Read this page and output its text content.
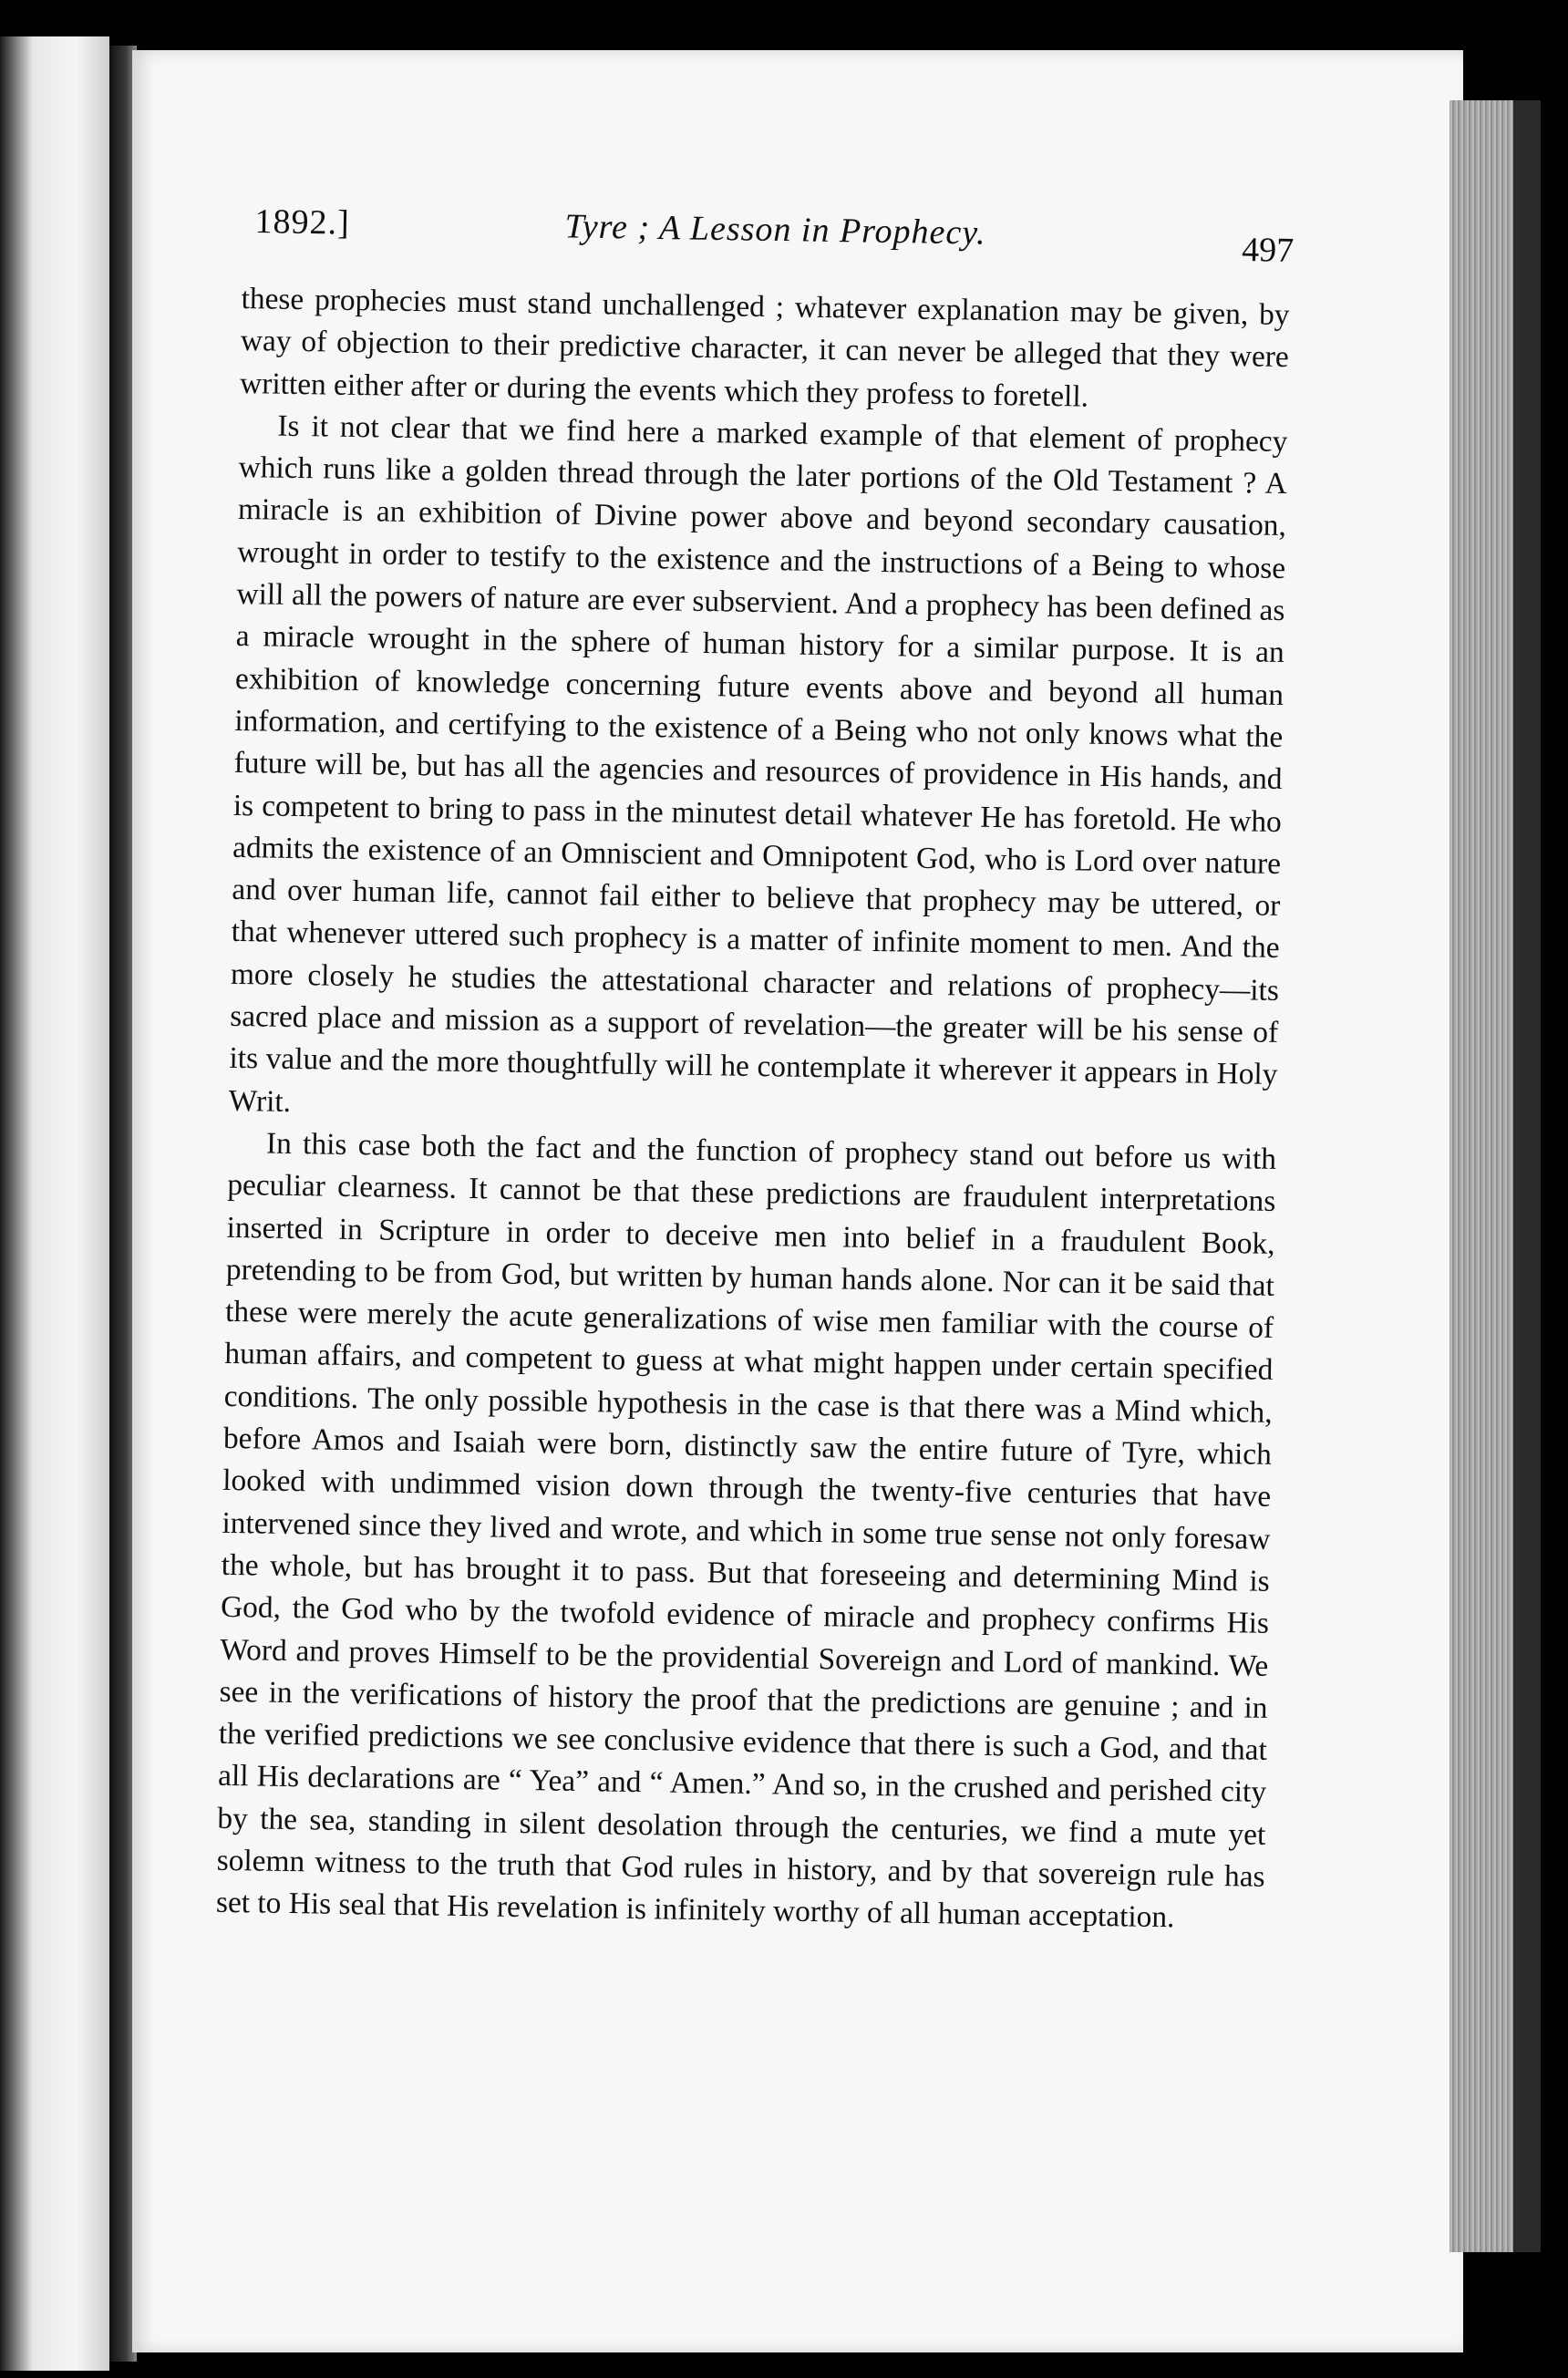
1892.]	Tyre ; A Lesson in Prophecy.	497

these prophecies must stand unchallenged ; whatever explanation may be given, by way of objection to their predictive character, it can never be alleged that they were written either after or during the events which they profess to foretell.

Is it not clear that we find here a marked example of that element of prophecy which runs like a golden thread through the later portions of the Old Testament ? A miracle is an exhibition of Divine power above and beyond secondary causation, wrought in order to testify to the existence and the instructions of a Being to whose will all the powers of nature are ever subservient. And a prophecy has been defined as a miracle wrought in the sphere of human history for a similar purpose. It is an exhibition of knowledge concerning future events above and beyond all human information, and certifying to the existence of a Being who not only knows what the future will be, but has all the agencies and resources of providence in His hands, and is competent to bring to pass in the minutest detail whatever He has foretold. He who admits the existence of an Omniscient and Omnipotent God, who is Lord over nature and over human life, cannot fail either to believe that prophecy may be uttered, or that whenever uttered such prophecy is a matter of infinite moment to men. And the more closely he studies the attestational character and relations of prophecy—its sacred place and mission as a support of revelation—the greater will be his sense of its value and the more thoughtfully will he contemplate it wherever it appears in Holy Writ.

In this case both the fact and the function of prophecy stand out before us with peculiar clearness. It cannot be that these predictions are fraudulent interpretations inserted in Scripture in order to deceive men into belief in a fraudulent Book, pretending to be from God, but written by human hands alone. Nor can it be said that these were merely the acute generalizations of wise men familiar with the course of human affairs, and competent to guess at what might happen under certain specified conditions. The only possible hypothesis in the case is that there was a Mind which, before Amos and Isaiah were born, distinctly saw the entire future of Tyre, which looked with undimmed vision down through the twenty-five centuries that have intervened since they lived and wrote, and which in some true sense not only foresaw the whole, but has brought it to pass. But that foreseeing and determining Mind is God, the God who by the twofold evidence of miracle and prophecy confirms His Word and proves Himself to be the providential Sovereign and Lord of mankind. We see in the verifications of history the proof that the predictions are genuine ; and in the verified predictions we see conclusive evidence that there is such a God, and that all His declarations are “ Yea” and “ Amen.” And so, in the crushed and perished city by the sea, standing in silent desolation through the centuries, we find a mute yet solemn witness to the truth that God rules in history, and by that sovereign rule has set to His seal that His revelation is infinitely worthy of all human acceptation.
